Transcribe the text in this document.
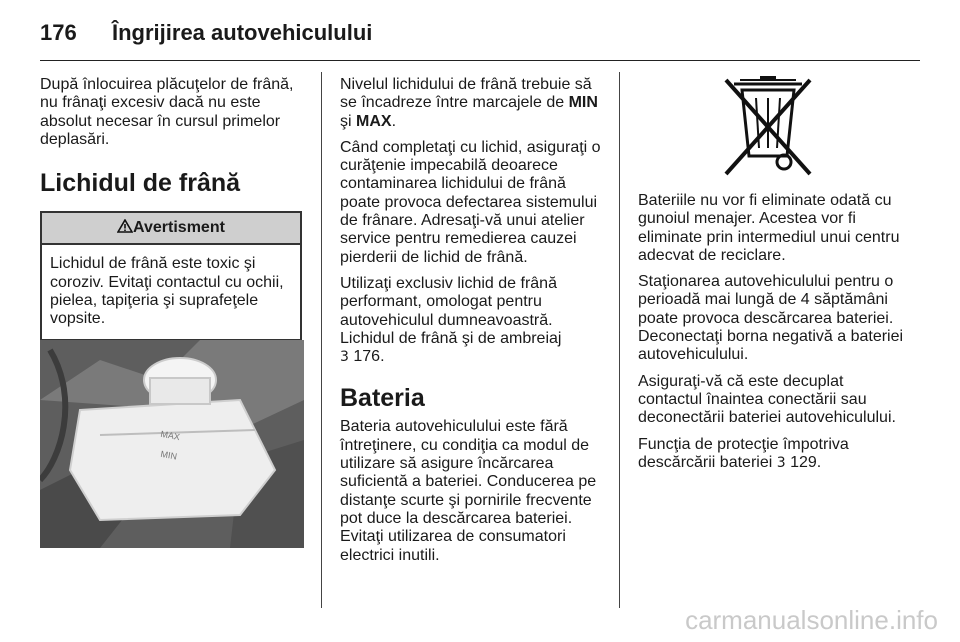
176	Îngrijirea autovehiculului

După înlocuirea plăcuţelor de frână, nu frânaţi excesiv dacă nu este absolut necesar în cursul primelor deplasări.

Lichidul de frână
Avertisment
Lichidul de frână este toxic şi coroziv. Evitaţi contactul cu ochii, pielea, tapiţeria şi suprafeţele vopsite.
MAX
MIN

Nivelul lichidului de frână trebuie să se încadreze între marcajele de MIN şi MAX.

Când completaţi cu lichid, asiguraţi o curăţenie impecabilă deoarece contaminarea lichidului de frână poate provoca defectarea sistemului de frânare. Adresaţi-vă unui atelier service pentru remedierea cauzei pierderii de lichid de frână.

Utilizaţi exclusiv lichid de frână performant, omologat pentru autovehiculul dumneavoastră.
Lichidul de frână şi de ambreiaj
3 176.

Bateria

Bateria autovehiculului este fără întreţinere, cu condiţia ca modul de utilizare să asigure încărcarea suficientă a bateriei. Conducerea pe distanţe scurte şi pornirile frecvente pot duce la descărcarea bateriei. Evitaţi utilizarea de consumatori electrici inutili.

Bateriile nu vor fi eliminate odată cu gunoiul menajer. Acestea vor fi eliminate prin intermediul unui centru adecvat de reciclare.

Staţionarea autovehiculului pentru o perioadă mai lungă de 4 săptămâni poate provoca descărcarea bateriei. Deconectaţi borna negativă a bateriei autovehiculului.

Asiguraţi-vă că este decuplat contactul înaintea conectării sau deconectării bateriei autovehiculului.

Funcţia de protecţie împotriva descărcării bateriei 3 129.

carmanualsonline.info
